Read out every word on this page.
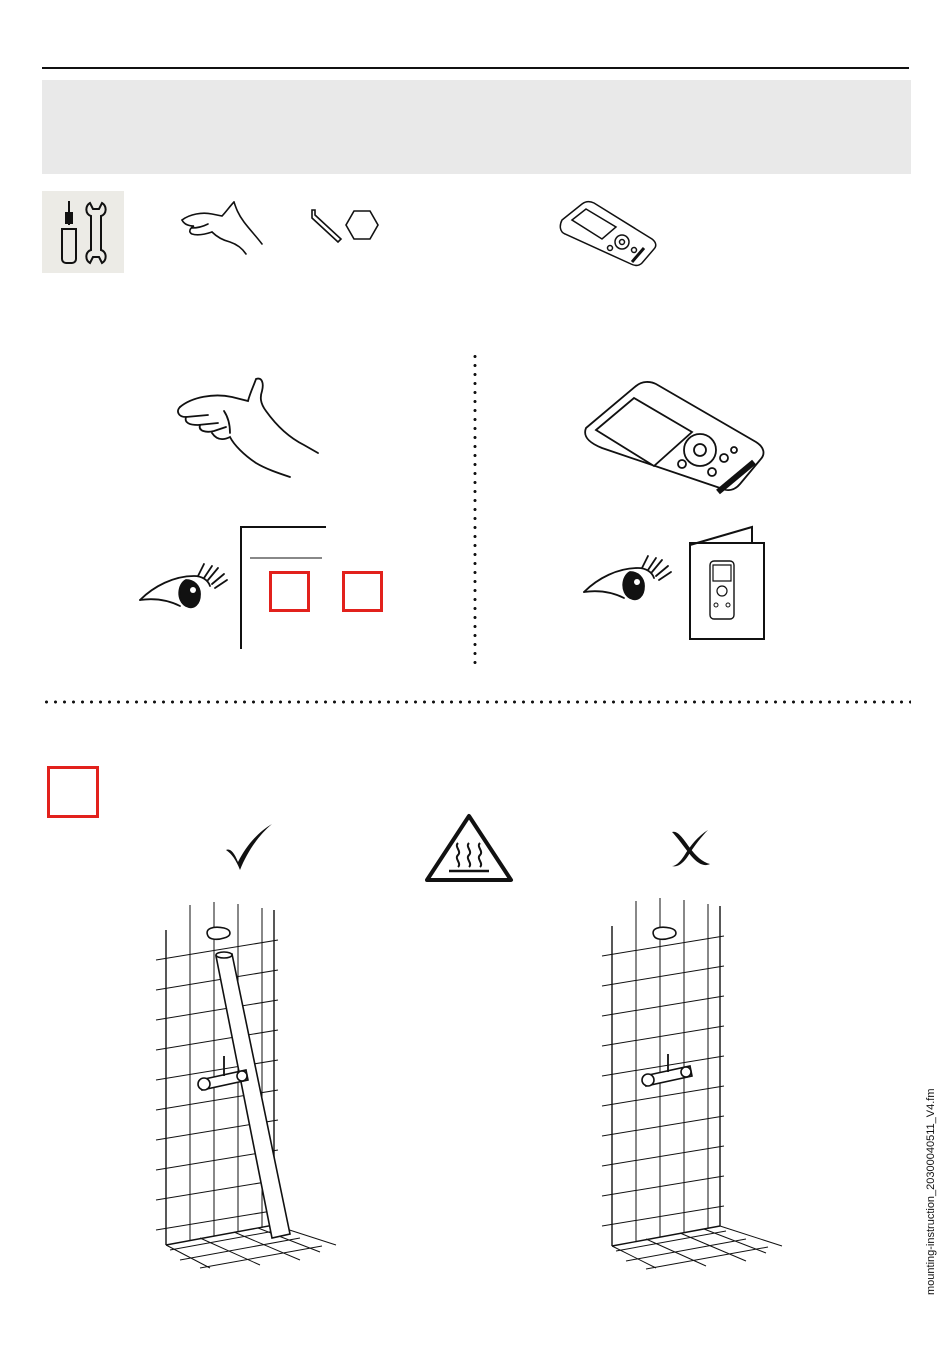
mounting-instruction_20300040511_V4.fm
